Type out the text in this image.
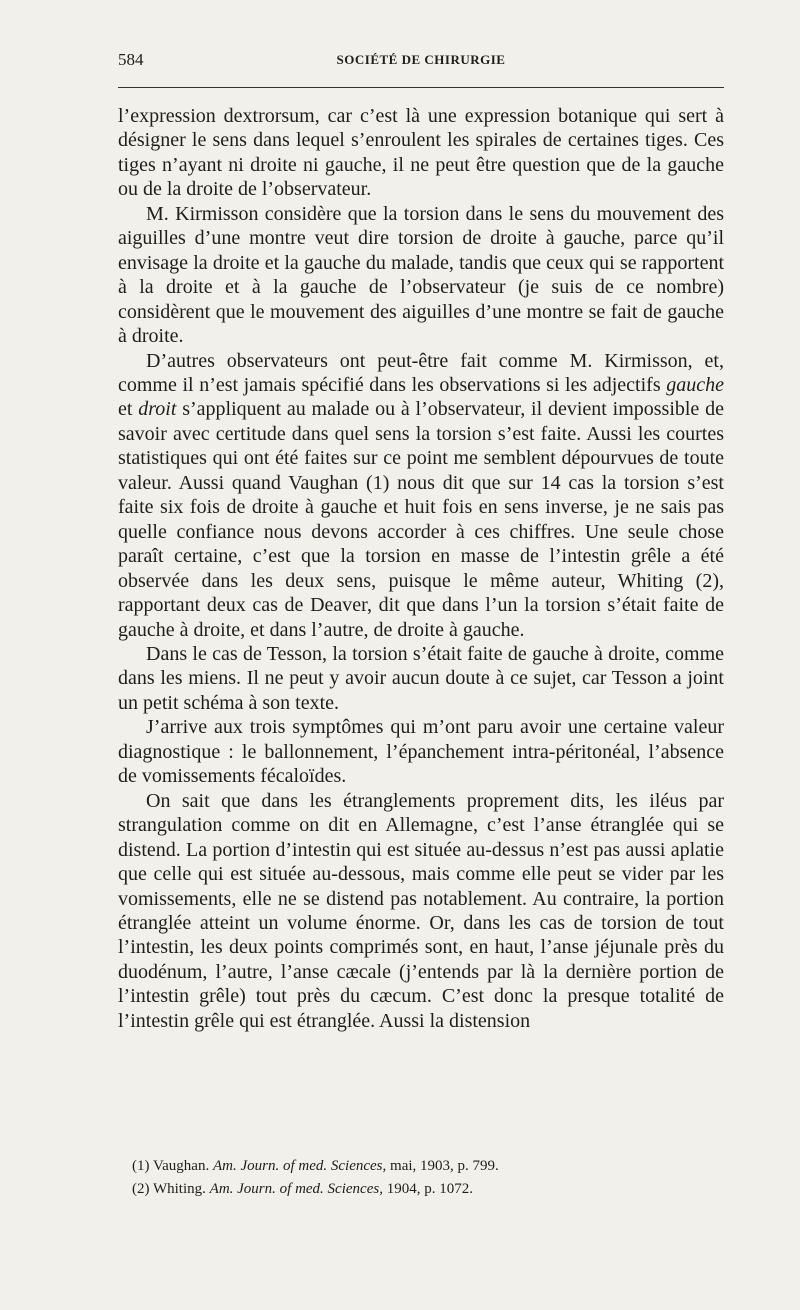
584	SOCIÉTÉ DE CHIRURGIE

l’expression dextrorsum, car c’est là une expression botanique qui sert à désigner le sens dans lequel s’enroulent les spirales de certaines tiges. Ces tiges n’ayant ni droite ni gauche, il ne peut être question que de la gauche ou de la droite de l’observateur.

M. Kirmisson considère que la torsion dans le sens du mouvement des aiguilles d’une montre veut dire torsion de droite à gauche, parce qu’il envisage la droite et la gauche du malade, tandis que ceux qui se rapportent à la droite et à la gauche de l’observateur (je suis de ce nombre) considèrent que le mouvement des aiguilles d’une montre se fait de gauche à droite.

D’autres observateurs ont peut-être fait comme M. Kirmisson, et, comme il n’est jamais spécifié dans les observations si les adjectifs gauche et droit s’appliquent au malade ou à l’observateur, il devient impossible de savoir avec certitude dans quel sens la torsion s’est faite. Aussi les courtes statistiques qui ont été faites sur ce point me semblent dépourvues de toute valeur. Aussi quand Vaughan (1) nous dit que sur 14 cas la torsion s’est faite six fois de droite à gauche et huit fois en sens inverse, je ne sais pas quelle confiance nous devons accorder à ces chiffres. Une seule chose paraît certaine, c’est que la torsion en masse de l’intestin grêle a été observée dans les deux sens, puisque le même auteur, Whiting (2), rapportant deux cas de Deaver, dit que dans l’un la torsion s’était faite de gauche à droite, et dans l’autre, de droite à gauche.

Dans le cas de Tesson, la torsion s’était faite de gauche à droite, comme dans les miens. Il ne peut y avoir aucun doute à ce sujet, car Tesson a joint un petit schéma à son texte.

J’arrive aux trois symptômes qui m’ont paru avoir une certaine valeur diagnostique : le ballonnement, l’épanchement intra-péritonéal, l’absence de vomissements fécaloïdes.

On sait que dans les étranglements proprement dits, les iléus par strangulation comme on dit en Allemagne, c’est l’anse étranglée qui se distend. La portion d’intestin qui est située au-dessus n’est pas aussi aplatie que celle qui est située au-dessous, mais comme elle peut se vider par les vomissements, elle ne se distend pas notablement. Au contraire, la portion étranglée atteint un volume énorme. Or, dans les cas de torsion de tout l’intestin, les deux points comprimés sont, en haut, l’anse jéjunale près du duodénum, l’autre, l’anse cæcale (j’entends par là la dernière portion de l’intestin grêle) tout près du cæcum. C’est donc la presque totalité de l’intestin grêle qui est étranglée. Aussi la distension

(1) Vaughan. Am. Journ. of med. Sciences, mai, 1903, p. 799.
(2) Whiting. Am. Journ. of med. Sciences, 1904, p. 1072.
